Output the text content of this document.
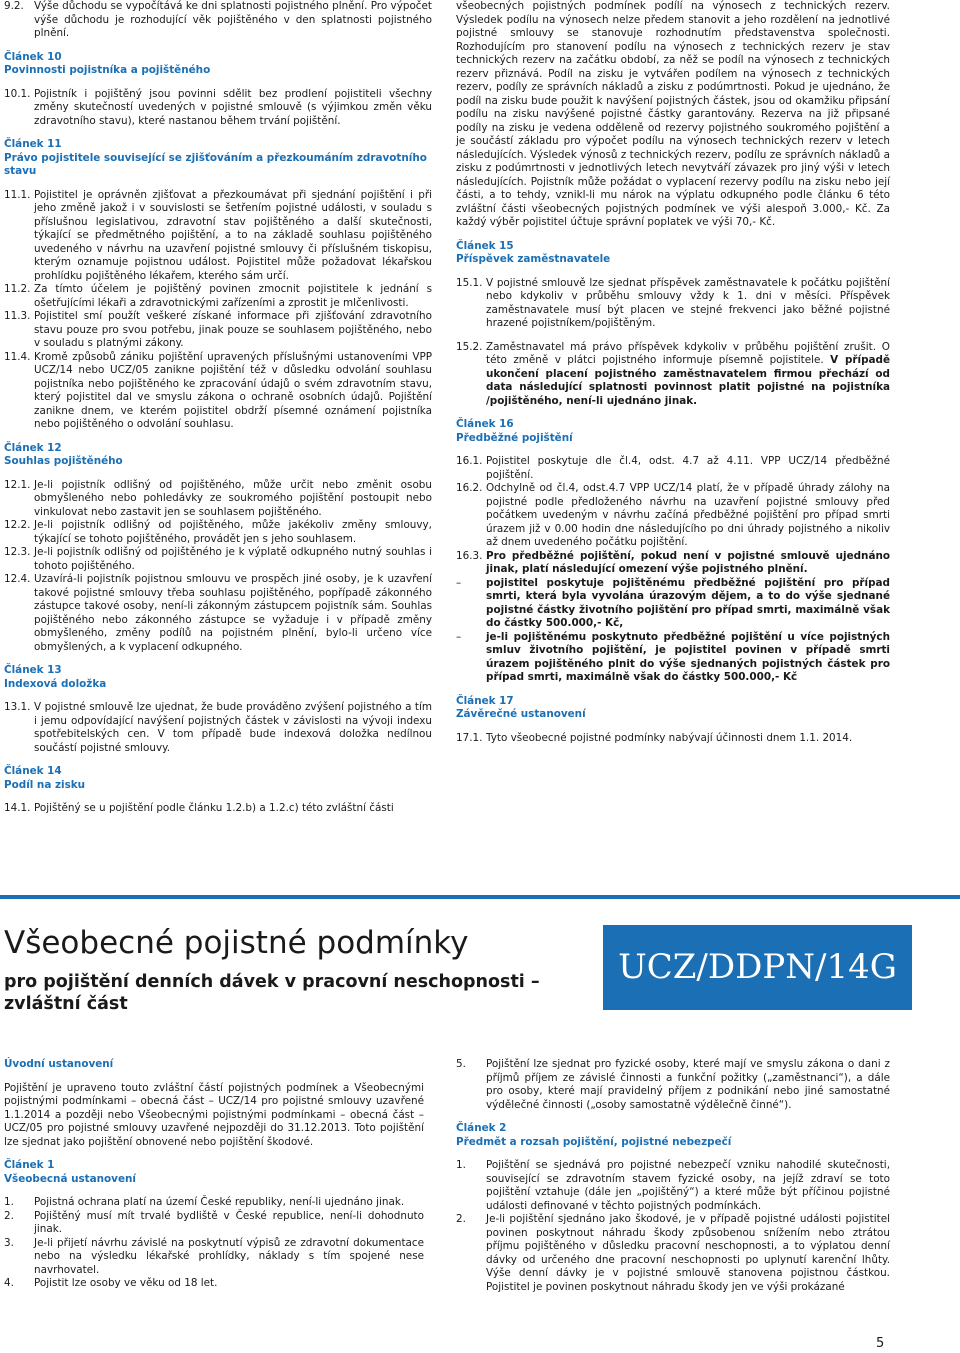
9.2. Výše důchodu se vypočítává ke dni splatnosti pojistného plnění. Pro výpočet výše důchodu je rozhodující věk pojištěného v den splatnosti pojistného plnění.
Článek 10
Povinnosti pojistníka a pojištěného
10.1. Pojistník i pojištěný jsou povinni sdělit bez prodlení pojistiteli všechny změny skutečností uvedených v pojistné smlouvě (s výjimkou změn věku zdravotního stavu), které nastanou během trvání pojištění.
Článek 11
Právo pojistitele související se zjišťováním a přezkoumáním zdravotního stavu
11.1. Pojistitel je oprávněn zjišťovat a přezkoumávat při sjednání pojištění i při jeho změně jakož i v souvislosti se šetřením pojistné události, v souladu s příslušnou legislativou, zdravotní stav pojištěného a další skutečnosti, týkající se předmětného pojištění, a to na základě souhlasu pojištěného uvedeného v návrhu na uzavření pojistné smlouvy či příslušném tiskopisu, kterým oznamuje pojistnou událost. Pojistitel může požadovat lékařskou prohlídku pojištěného lékařem, kterého sám určí.
11.2. Za tímto účelem je pojištěný povinen zmocnit pojistitele k jednání s ošetřujícími lékaři a zdravotnickými zařízeními a zprostit je mlčenlivosti.
11.3. Pojistitel smí použít veškeré získané informace při zjišťování zdravotního stavu pouze pro svou potřebu, jinak pouze se souhlasem pojištěného, nebo v souladu s platnými zákony.
11.4. Kromě způsobů zániku pojištění upravených příslušnými ustanoveními VPP UCZ/14 nebo UCZ/05 zanikne pojištění též v důsledku odvolání souhlasu pojistníka nebo pojištěného ke zpracování údajů o svém zdravotním stavu, který pojistitel dal ve smyslu zákona o ochraně osobních údajů. Pojištění zanikne dnem, ve kterém pojistitel obdrží písemné oznámení pojistníka nebo pojištěného o odvolání souhlasu.
Článek 12
Souhlas pojištěného
12.1. Je-li pojistník odlišný od pojištěného, může určit nebo změnit osobu obmyšleného nebo pohledávky ze soukromého pojištění postoupit nebo vinkulovat nebo zastavit jen se souhlasem pojištěného.
12.2. Je-li pojistník odlišný od pojištěného, může jakékoliv změny smlouvy, týkající se tohoto pojištěného, provádět jen s jeho souhlasem.
12.3. Je-li pojistník odlišný od pojištěného je k výplatě odkupného nutný souhlas i tohoto pojištěného.
12.4. Uzavírá-li pojistník pojistnou smlouvu ve prospěch jiné osoby, je k uzavření takové pojistné smlouvy třeba souhlasu pojištěného, popřípadě zákonného zástupce takové osoby, není-li zákonným zástupcem pojistník sám. Souhlas pojištěného nebo zákonného zástupce se vyžaduje i v případě změny obmyšleného, změny podílů na pojistném plnění, bylo-li určeno více obmyšlených, a k vyplacení odkupného.
Článek 13
Indexová doložka
13.1. V pojistné smlouvě lze ujednat, že bude prováděno zvýšení pojistného a tím i jemu odpovídající navýšení pojistných částek v závislosti na vývoji indexu spotřebitelských cen. V tom případě bude indexová doložka nedílnou součástí pojistné smlouvy.
Článek 14
Podíl na zisku
14.1. Pojištěný se u pojištění podle článku 1.2.b) a 1.2.c) této zvláštní části
všeobecných pojistných podmínek podílí na výnosech z technických rezerv. Výsledek podílu na výnosech nelze předem stanovit a jeho rozdělení na jednotlivé pojistné smlouvy se stanovuje rozhodnutím představenstva společnosti. Rozhodujícím pro stanovení podílu na výnosech z technických rezerv je stav technických rezerv na začátku období, za něž se podíl na výnosech z technických rezerv přiznává. Podíl na zisku je vytvářen podílem na výnosech z technických rezerv, podíly ze správních nákladů a zisku z podúmrtnosti. Pokud je ujednáno, že podíl na zisku bude použit k navýšení pojistných částek, jsou od okamžiku připsání podílu na zisku navýšené pojistné částky garantovány. Rezerva na již připsané podíly na zisku je vedena odděleně od rezervy pojistného soukromého pojištění a je součástí základu pro výpočet podílu na výnosech technických rezerv v letech následujících. Výsledek výnosů z technických rezerv, podílu ze správních nákladů a zisku z podúmrtnosti v jednotlivých letech nevytváří závazek pro jiný výši v letech následujících. Pojistník může požádat o vyplacení rezervy podílu na zisku nebo její části, a to tehdy, vznikl-li mu nárok na výplatu odkupného podle článku 6 této zvláštní části všeobecných pojistných podmínek ve výši alespoň 3.000,- Kč. Za každý výběr pojistitel účtuje správní poplatek ve výši 70,- Kč.
Článek 15
Příspěvek zaměstnavatele
15.1. V pojistné smlouvě lze sjednat příspěvek zaměstnavatele k počátku pojištění nebo kdykoliv v průběhu smlouvy vždy k 1. dni v měsíci. Příspěvek zaměstnavatele musí být placen ve stejné frekvenci jako běžné pojistné hrazené pojistníkem/pojištěným.
15.2. Zaměstnavatel má právo příspěvek kdykoliv v průběhu pojištění zrušit. O této změně v plátci pojistného informuje písemně pojistitele. V případě ukončení placení pojistného zaměstnavatelem firmou přechází od data následující splatnosti povinnost platit pojistné na pojistníka /pojištěného, není-li ujednáno jinak.
Článek 16
Předběžné pojištění
16.1. Pojistitel poskytuje dle čl.4, odst. 4.7 až 4.11. VPP UCZ/14 předběžné pojištění.
16.2. Odchylně od čl.4, odst.4.7 VPP UCZ/14 platí, že v případě úhrady zálohy na pojistné podle předloženého návrhu na uzavření pojistné smlouvy před počátkem uvedeným v návrhu začíná předběžné pojištění pro případ smrti úrazem již v 0.00 hodin dne následujícího po dni úhrady pojistného a nikoliv až dnem uvedeného počátku pojištění.
16.3. Pro předběžné pojištění, pokud není v pojistné smlouvě ujednáno jinak, platí následující omezení výše pojistného plnění.
– pojistitel poskytuje pojištěnému předběžné pojištění pro případ smrti, která byla vyvolána úrazovým dějem, a to do výše sjednané pojistné částky životního pojištění pro případ smrti, maximálně však do částky 500.000,- Kč,
– je-li pojištěnému poskytnuto předběžné pojištění u více pojistných smluv životního pojištění, je pojistitel povinen v případě smrti úrazem pojištěného plnit do výše sjednaných pojistných částek pro případ smrti, maximálně však do částky 500.000,- Kč
Článek 17
Závěrečné ustanovení
17.1. Tyto všeobecné pojistné podmínky nabývají účinnosti dnem 1.1. 2014.
Všeobecné pojistné podmínky
pro pojištění denních dávek v pracovní neschopnosti – zvláštní část
UCZ/DDPN/14G
Úvodní ustanovení
Pojištění je upraveno touto zvláštní částí pojistných podmínek a Všeobecnými pojistnými podmínkami – obecná část – UCZ/14 pro pojistné smlouvy uzavřené 1.1.2014 a později nebo Všeobecnými pojistnými podmínkami – obecná část – UCZ/05 pro pojistné smlouvy uzavřené nejpozději do 31.12.2013. Toto pojištění lze sjednat jako pojištění obnovené nebo pojištění škodové.
Článek 1
Všeobecná ustanovení
1. Pojistná ochrana platí na území České republiky, není-li ujednáno jinak.
2. Pojištěný musí mít trvalé bydliště v České republice, není-li dohodnuto jinak.
3. Je-li přijetí návrhu závislé na poskytnutí výpisů ze zdravotní dokumentace nebo na výsledku lékařské prohlídky, náklady s tím spojené nese navrhovatel.
4. Pojistit lze osoby ve věku od 18 let.
5. Pojištění lze sjednat pro fyzické osoby, které mají ve smyslu zákona o dani z příjmů příjem ze závislé činnosti a funkční požitky („zaměstnanci“), a dále pro osoby, které mají pravidelný příjem z podnikání nebo jiné samostatné výdělečné činnosti („osoby samostatně výdělečně činné“).
Článek 2
Předmět a rozsah pojištění, pojistné nebezpečí
1. Pojištění se sjednává pro pojistné nebezpečí vzniku nahodilé skutečnosti, související se zdravotním stavem fyzické osoby, na jejíž zdraví se toto pojištění vztahuje (dále jen „pojištěný“) a které může být příčinou pojistné události definované v těchto pojistných podmínkách.
2. Je-li pojištění sjednáno jako škodové, je v případě pojistné události pojistitel povinen poskytnout náhradu škody způsobenou snížením nebo ztrátou příjmu pojištěného v důsledku pracovní neschopnosti, a to výplatou denní dávky od určeného dne pracovní neschopnosti po uplynutí karenční lhůty. Výše denní dávky je v pojistné smlouvě stanovena pojistnou částkou. Pojistitel je povinen poskytnout náhradu škody jen ve výši prokázané
5
